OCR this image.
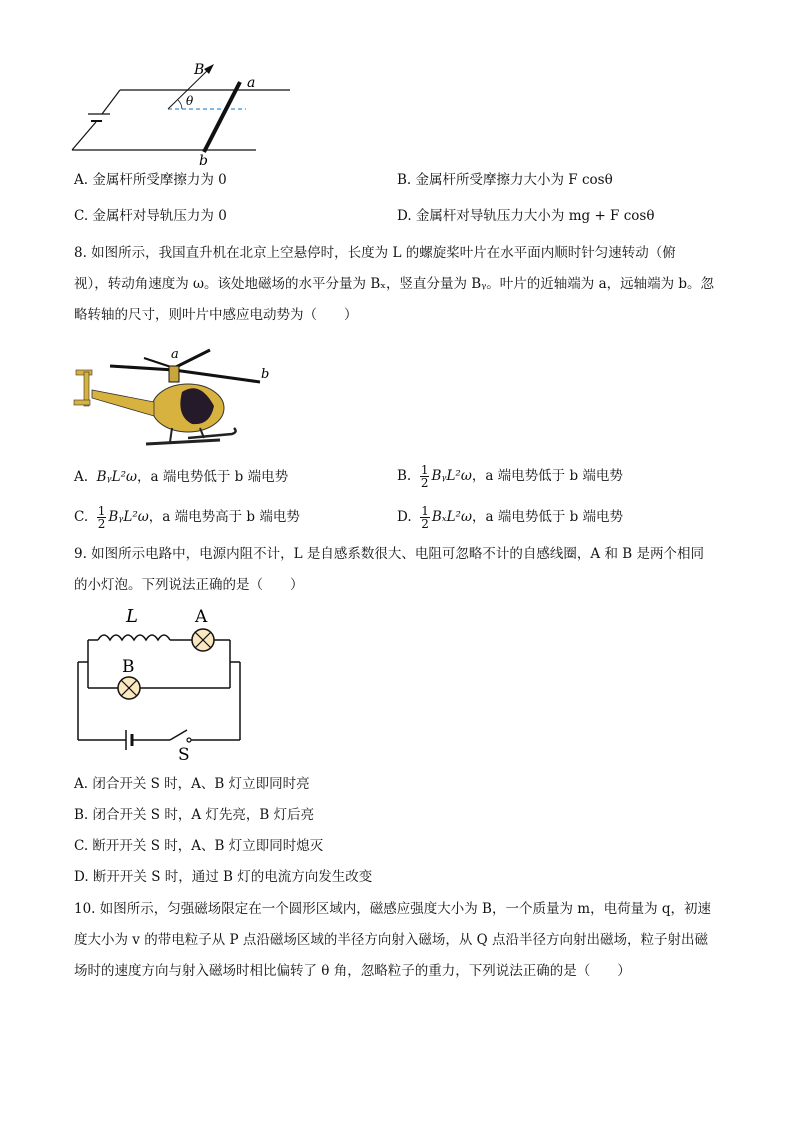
B
θ
a
b
A. 金属杆所受摩擦力为 0	B. 金属杆所受摩擦力大小为 F cosθ
C. 金属杆对导轨压力为 0	D. 金属杆对导轨压力大小为 mg + F cosθ
8. 如图所示，我国直升机在北京上空悬停时，长度为 L 的螺旋桨叶片在水平面内顺时针匀速转动（俯
视），转动角速度为 ω。该处地磁场的水平分量为 Bₓ，竖直分量为 Bᵧ。叶片的近轴端为 a，远轴端为 b。忽
略转轴的尺寸，则叶片中感应电动势为（　　）
a
b
A. BᵧL²ω，a 端电势低于 b 端电势	B. $\frac{1}{2}$ BᵧL²ω，a 端电势低于 b 端电势
C. $\frac{1}{2}$ BᵧL²ω，a 端电势高于 b 端电势	D. $\frac{1}{2} B_xL^2\omega$，a 端电势低于 b 端电势
9. 如图所示电路中，电源内阻不计，L 是自感系数很大、电阻可忽略不计的自感线圈，A 和 B 是两个相同
的小灯泡。下列说法正确的是（　　）
L	A
B
S
A. 闭合开关 S 时，A、B 灯立即同时亮
B. 闭合开关 S 时，A 灯先亮，B 灯后亮
C. 断开开关 S 时，A、B 灯立即同时熄灭
D. 断开开关 S 时，通过 B 灯的电流方向发生改变
10. 如图所示，匀强磁场限定在一个圆形区域内，磁感应强度大小为 B，一个质量为 m，电荷量为 q，初速
度大小为 v 的带电粒子从 P 点沿磁场区域的半径方向射入磁场，从 Q 点沿半径方向射出磁场，粒子射出磁
场时的速度方向与射入磁场时相比偏转了 θ 角，忽略粒子的重力，下列说法正确的是（　　）
